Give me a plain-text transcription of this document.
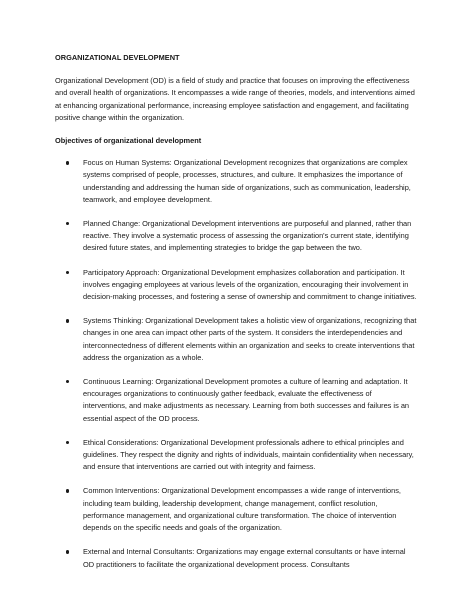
ORGANIZATIONAL DEVELOPMENT
Organizational Development (OD) is a field of study and practice that focuses on improving the effectiveness and overall health of organizations. It encompasses a wide range of theories, models, and interventions aimed at enhancing organizational performance, increasing employee satisfaction and engagement, and facilitating positive change within the organization.
Objectives of organizational development
Focus on Human Systems: Organizational Development recognizes that organizations are complex systems comprised of people, processes, structures, and culture. It emphasizes the importance of understanding and addressing the human side of organizations, such as communication, leadership, teamwork, and employee development.
Planned Change: Organizational Development interventions are purposeful and planned, rather than reactive. They involve a systematic process of assessing the organization's current state, identifying desired future states, and implementing strategies to bridge the gap between the two.
Participatory Approach: Organizational Development emphasizes collaboration and participation. It involves engaging employees at various levels of the organization, encouraging their involvement in decision-making processes, and fostering a sense of ownership and commitment to change initiatives.
Systems Thinking: Organizational Development takes a holistic view of organizations, recognizing that changes in one area can impact other parts of the system. It considers the interdependencies and interconnectedness of different elements within an organization and seeks to create interventions that address the organization as a whole.
Continuous Learning: Organizational Development promotes a culture of learning and adaptation. It encourages organizations to continuously gather feedback, evaluate the effectiveness of interventions, and make adjustments as necessary. Learning from both successes and failures is an essential aspect of the OD process.
Ethical Considerations: Organizational Development professionals adhere to ethical principles and guidelines. They respect the dignity and rights of individuals, maintain confidentiality when necessary, and ensure that interventions are carried out with integrity and fairness.
Common Interventions: Organizational Development encompasses a wide range of interventions, including team building, leadership development, change management, conflict resolution, performance management, and organizational culture transformation. The choice of intervention depends on the specific needs and goals of the organization.
External and Internal Consultants: Organizations may engage external consultants or have internal OD practitioners to facilitate the organizational development process. Consultants
